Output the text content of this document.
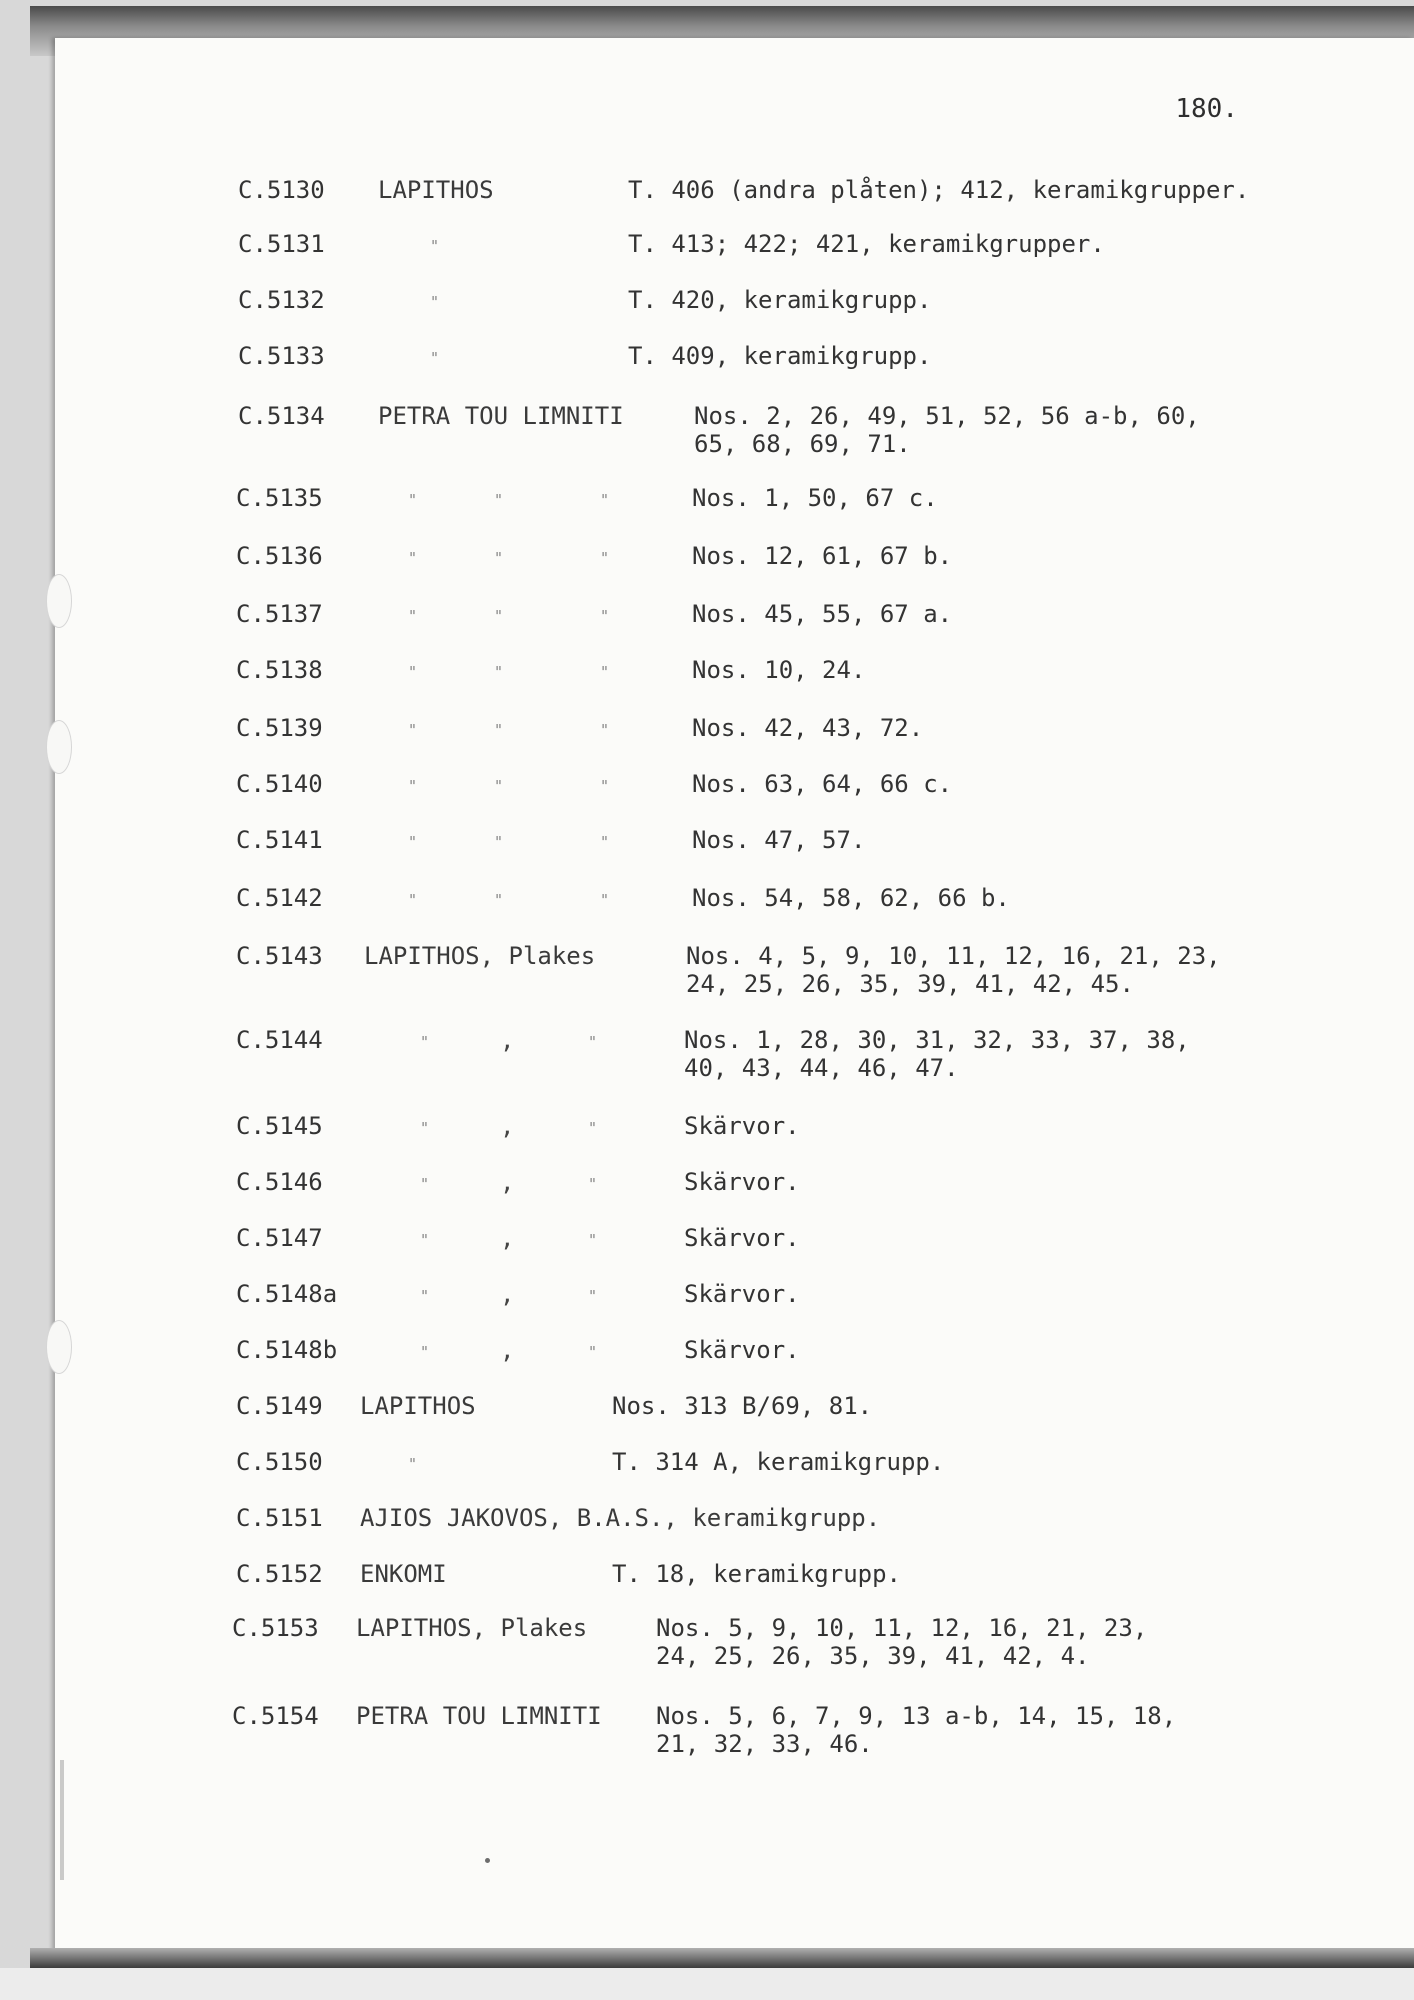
180.
C.5130 LAPITHOS	T. 406 (andra plåten); 412, keramikgrupper.
C.5131	"	T. 413; 422; 421, keramikgrupper.
C.5132	"	T. 420, keramikgrupp.
C.5133	"	T. 409, keramikgrupp.
C.5134 PETRA TOU LIMNITI	Nos. 2, 26, 49, 51, 52, 56 a-b, 60,
65, 68, 69, 71.
C.5135	"	"	"	Nos. 1, 50, 67 c.
C.5136	"	"	"	Nos. 12, 61, 67 b.
C.5137	"	"	"	Nos. 45, 55, 67 a.
C.5138	"	"	"	Nos. 10, 24.
C.5139	"	"	"	Nos. 42, 43, 72.
C.5140	"	"	"	Nos. 63, 64, 66 c.
C.5141	"	"	"	Nos. 47, 57.
C.5142	"	"	"	Nos. 54, 58, 62, 66 b.
C.5143 LAPITHOS, Plakes	Nos. 4, 5, 9, 10, 11, 12, 16, 21, 23,
24, 25, 26, 35, 39, 41, 42, 45.
C.5144	"	,	"	Nos. 1, 28, 30, 31, 32, 33, 37, 38,
40, 43, 44, 46, 47.
C.5145	"	,	"	Skärvor.
C.5146	"	,	"	Skärvor.
C.5147	"	,	"	Skärvor.
C.5148a	"	,	"	Skärvor.
C.5148b	"	,	"	Skärvor.
C.5149 LAPITHOS	Nos. 313 B/69, 81.
C.5150	"	T. 314 A, keramikgrupp.
C.5151 AJIOS JAKOVOS, B.A.S., keramikgrupp.
C.5152 ENKOMI	T. 18, keramikgrupp.
C.5153 LAPITHOS, Plakes	Nos. 5, 9, 10, 11, 12, 16, 21, 23,
24, 25, 26, 35, 39, 41, 42, 4.
C.5154 PETRA TOU LIMNITI Nos. 5, 6, 7, 9, 13 a-b, 14, 15, 18,
21, 32, 33, 46.
